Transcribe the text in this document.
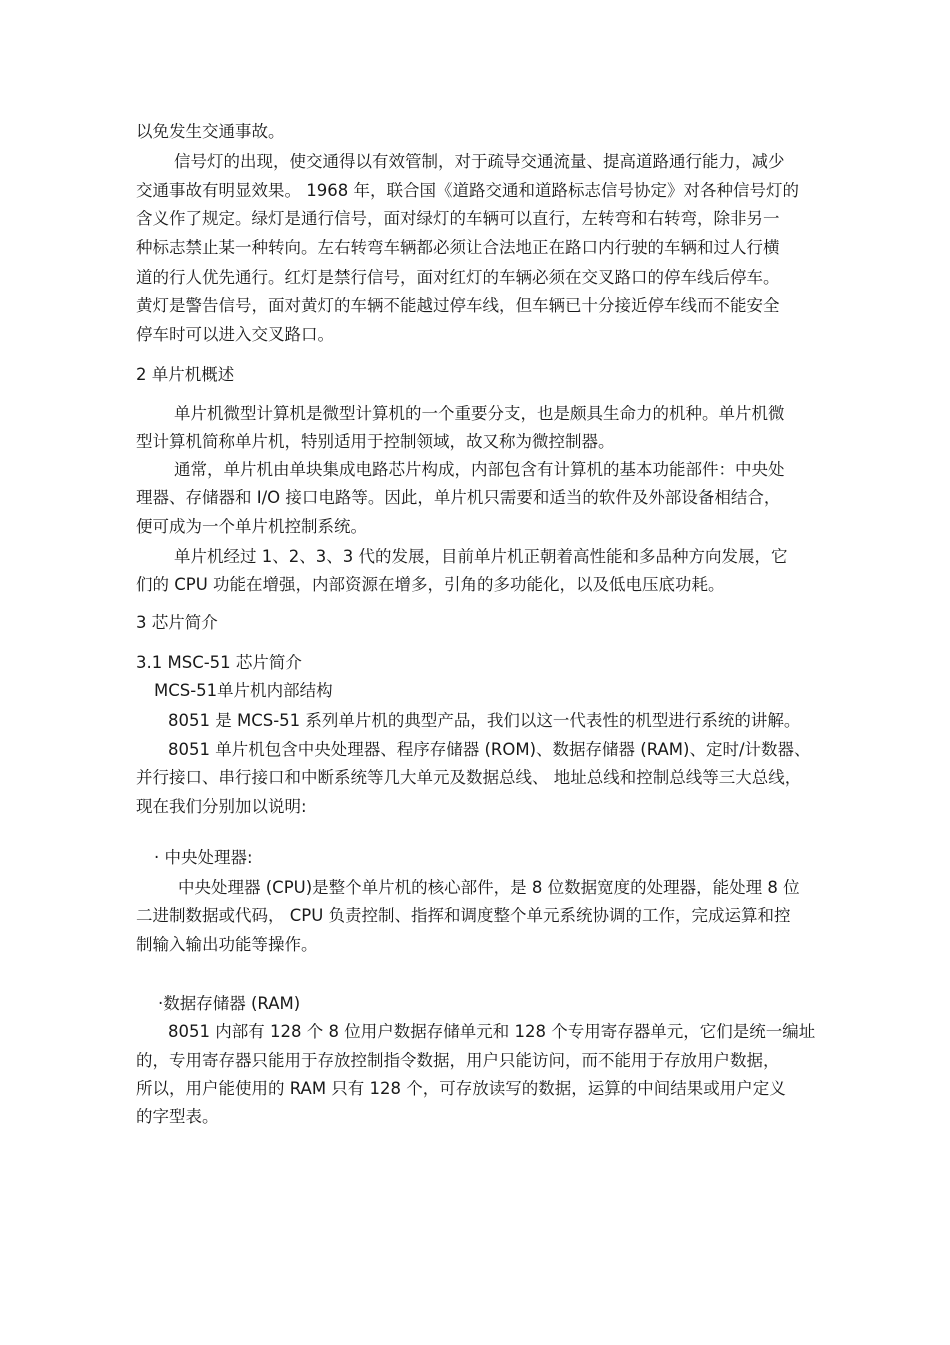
以免发生交通事故。
信号灯的出现，使交通得以有效管制，对于疏导交通流量、提高道路通行能力，减少
交通事故有明显效果。 1968 年，联合国《道路交通和道路标志信号协定》对各种信号灯的
含义作了规定。绿灯是通行信号，面对绿灯的车辆可以直行，左转弯和右转弯，除非另一
种标志禁止某一种转向。左右转弯车辆都必须让合法地正在路口内行驶的车辆和过人行横
道的行人优先通行。红灯是禁行信号，面对红灯的车辆必须在交叉路口的停车线后停车。
黄灯是警告信号，面对黄灯的车辆不能越过停车线，但车辆已十分接近停车线而不能安全
停车时可以进入交叉路口。
2 单片机概述
单片机微型计算机是微型计算机的一个重要分支，也是颇具生命力的机种。单片机微
型计算机简称单片机，特别适用于控制领域，故又称为微控制器。
通常，单片机由单块集成电路芯片构成，内部包含有计算机的基本功能部件：中央处
理器、存储器和 I/O 接口电路等。因此，单片机只需要和适当的软件及外部设备相结合，
便可成为一个单片机控制系统。
单片机经过 1、2、3、3 代的发展，目前单片机正朝着高性能和多品种方向发展，它
们的 CPU 功能在增强，内部资源在增多，引角的多功能化，以及低电压底功耗。
3 芯片简介
3.1 MSC-51 芯片简介
MCS-51单片机内部结构
8051 是 MCS-51 系列单片机的典型产品，我们以这一代表性的机型进行系统的讲解。
8051 单片机包含中央处理器、程序存储器 (ROM)、数据存储器 (RAM)、定时/计数器、
并行接口、串行接口和中断系统等几大单元及数据总线、 地址总线和控制总线等三大总线，
现在我们分别加以说明:
· 中央处理器:
中央处理器 (CPU)是整个单片机的核心部件，是 8 位数据宽度的处理器，能处理 8 位
二进制数据或代码， CPU 负责控制、指挥和调度整个单元系统协调的工作，完成运算和控
制输入输出功能等操作。
·数据存储器 (RAM)
8051 内部有 128 个 8 位用户数据存储单元和 128 个专用寄存器单元，它们是统一编址
的，专用寄存器只能用于存放控制指令数据，用户只能访问，而不能用于存放用户数据，
所以，用户能使用的 RAM 只有 128 个，可存放读写的数据，运算的中间结果或用户定义
的字型表。
